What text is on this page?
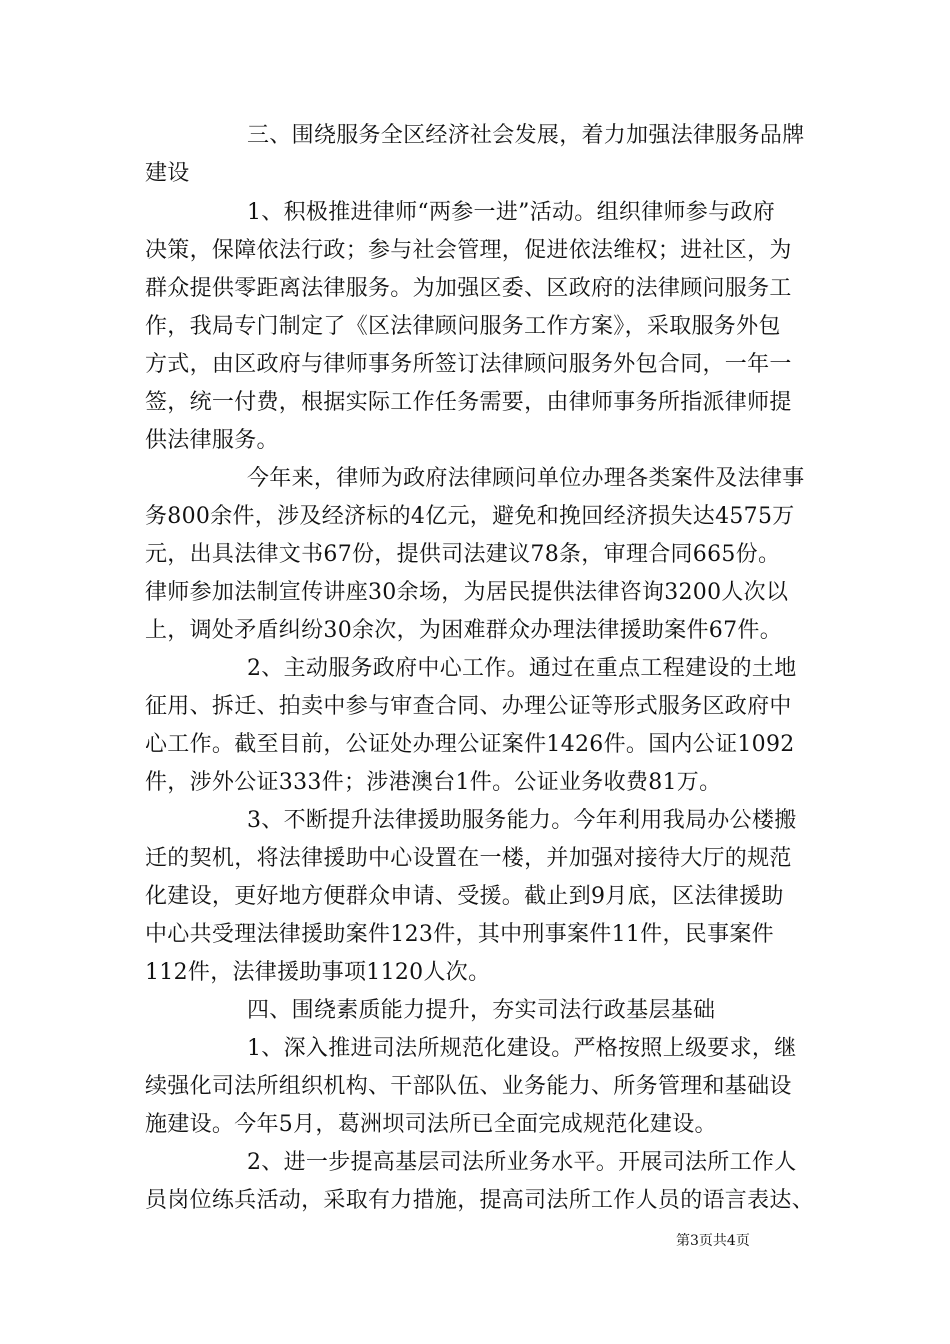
三、围绕服务全区经济社会发展，着力加强法律服务品牌
建设
1、积极推进律师“两参一进”活动。组织律师参与政府
决策，保障依法行政；参与社会管理，促进依法维权；进社区，为
群众提供零距离法律服务。为加强区委、区政府的法律顾问服务工
作，我局专门制定了《区法律顾问服务工作方案》，采取服务外包
方式，由区政府与律师事务所签订法律顾问服务外包合同，一年一
签，统一付费，根据实际工作任务需要，由律师事务所指派律师提
供法律服务。
今年来，律师为政府法律顾问单位办理各类案件及法律事
务800余件，涉及经济标的4亿元，避免和挽回经济损失达4575万
元，出具法律文书67份，提供司法建议78条，审理合同665份。
律师参加法制宣传讲座30余场，为居民提供法律咨询3200人次以
上，调处矛盾纠纷30余次，为困难群众办理法律援助案件67件。
2、主动服务政府中心工作。通过在重点工程建设的土地
征用、拆迁、拍卖中参与审查合同、办理公证等形式服务区政府中
心工作。截至目前，公证处办理公证案件1426件。国内公证1092
件，涉外公证333件；涉港澳台1件。公证业务收费81万。
3、不断提升法律援助服务能力。今年利用我局办公楼搬
迁的契机，将法律援助中心设置在一楼，并加强对接待大厅的规范
化建设，更好地方便群众申请、受援。截止到9月底，区法律援助
中心共受理法律援助案件123件，其中刑事案件11件，民事案件
112件，法律援助事项1120人次。
四、围绕素质能力提升，夯实司法行政基层基础
1、深入推进司法所规范化建设。严格按照上级要求，继
续强化司法所组织机构、干部队伍、业务能力、所务管理和基础设
施建设。今年5月，葛洲坝司法所已全面完成规范化建设。
2、进一步提高基层司法所业务水平。开展司法所工作人
员岗位练兵活动，采取有力措施，提高司法所工作人员的语言表达、
第3页共4页
